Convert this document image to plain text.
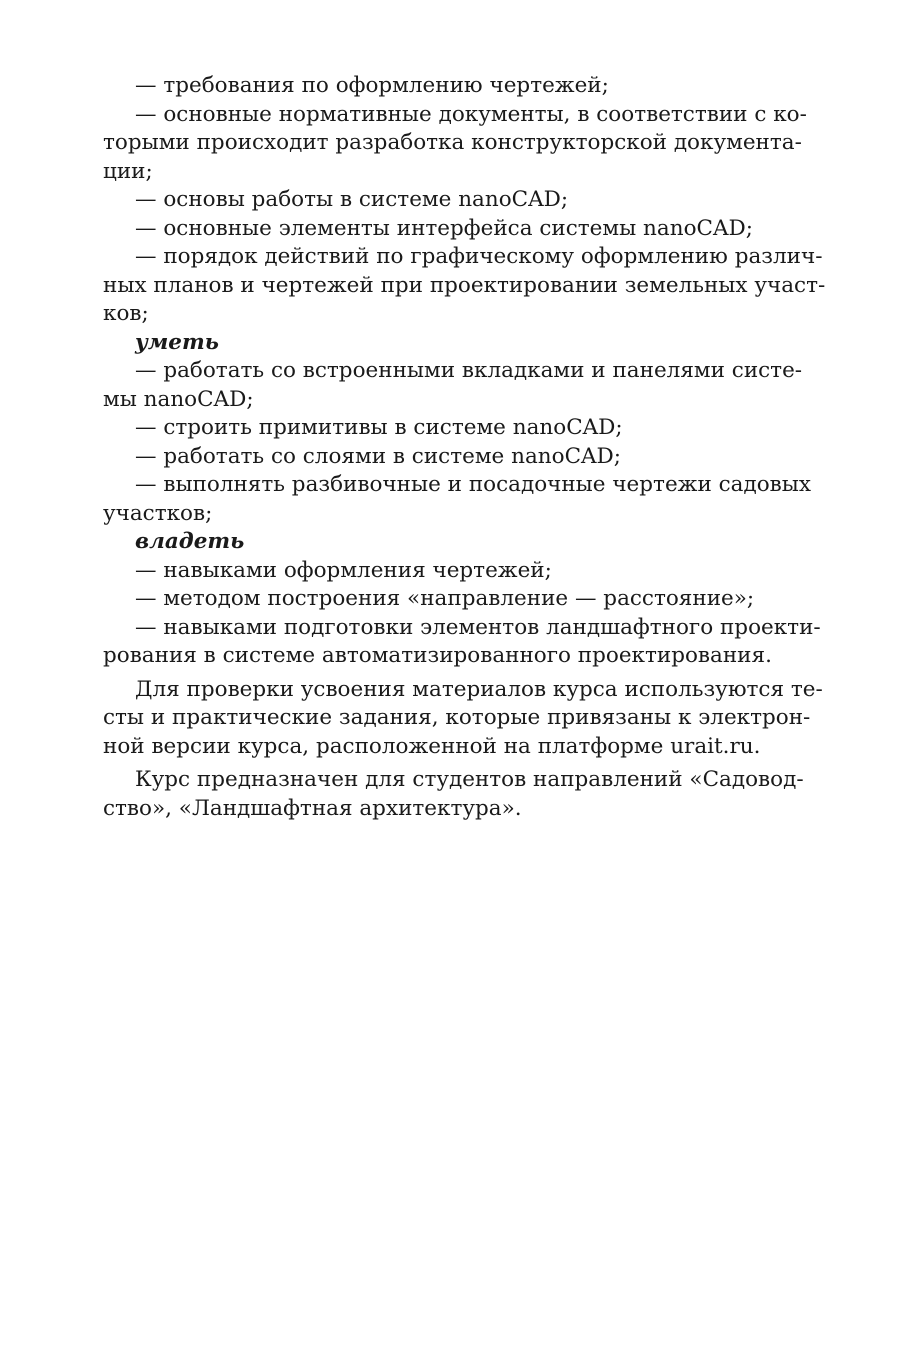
— требования по оформлению чертежей;
— основные нормативные документы, в соответствии с ко-
торыми происходит разработка конструкторской документа-
ции;
— основы работы в системе nanoCAD;
— основные элементы интерфейса системы nanoCAD;
— порядок действий по графическому оформлению различ-
ных планов и чертежей при проектировании земельных участ-
ков;
уметь
— работать со встроенными вкладками и панелями систе-
мы nanoCAD;
— строить примитивы в системе nanoCAD;
— работать со слоями в системе nanoCAD;
— выполнять разбивочные и посадочные чертежи садовых
участков;
владеть
— навыками оформления чертежей;
— методом построения «направление — расстояние»;
— навыками подготовки элементов ландшафтного проекти-
рования в системе автоматизированного проектирования.
Для проверки усвоения материалов курса используются те-
сты и практические задания, которые привязаны к электрон-
ной версии курса, расположенной на платформе urait.ru.
Курс предназначен для студентов направлений «Садовод-
ство», «Ландшафтная архитектура».
